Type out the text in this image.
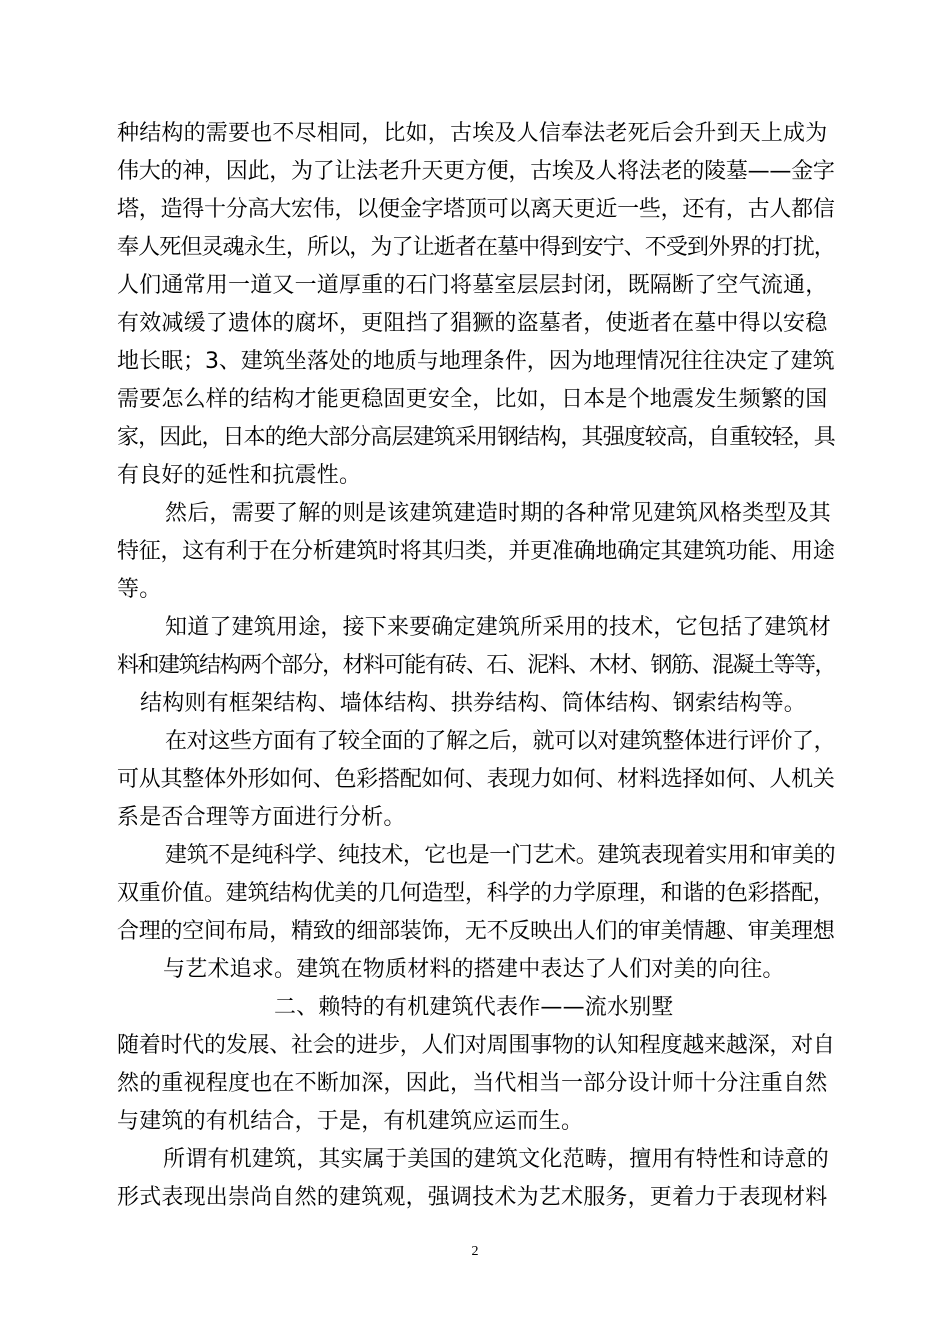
种结构的需要也不尽相同，比如，古埃及人信奉法老死后会升到天上成为
伟大的神，因此，为了让法老升天更方便，古埃及人将法老的陵墓——金字
塔，造得十分高大宏伟，以便金字塔顶可以离天更近一些，还有，古人都信
奉人死但灵魂永生，所以，为了让逝者在墓中得到安宁、不受到外界的打扰，
人们通常用一道又一道厚重的石门将墓室层层封闭，既隔断了空气流通，
有效减缓了遗体的腐坏，更阻挡了猖獗的盗墓者，使逝者在墓中得以安稳
地长眠；3、建筑坐落处的地质与地理条件，因为地理情况往往决定了建筑
需要怎么样的结构才能更稳固更安全，比如，日本是个地震发生频繁的国
家，因此，日本的绝大部分高层建筑采用钢结构，其强度较高，自重较轻，具
有良好的延性和抗震性。
然后，需要了解的则是该建筑建造时期的各种常见建筑风格类型及其
特征，这有利于在分析建筑时将其归类，并更准确地确定其建筑功能、用途
等。
知道了建筑用途，接下来要确定建筑所采用的技术，它包括了建筑材
料和建筑结构两个部分，材料可能有砖、石、泥料、木材、钢筋、混凝土等等，
结构则有框架结构、墙体结构、拱券结构、筒体结构、钢索结构等。
在对这些方面有了较全面的了解之后，就可以对建筑整体进行评价了，
可从其整体外形如何、色彩搭配如何、表现力如何、材料选择如何、人机关
系是否合理等方面进行分析。
建筑不是纯科学、纯技术，它也是一门艺术。建筑表现着实用和审美的
双重价值。建筑结构优美的几何造型，科学的力学原理，和谐的色彩搭配，
合理的空间布局，精致的细部装饰，无不反映出人们的审美情趣、审美理想
与艺术追求。建筑在物质材料的搭建中表达了人们对美的向往。
二、赖特的有机建筑代表作——流水别墅
随着时代的发展、社会的进步，人们对周围事物的认知程度越来越深，对自
然的重视程度也在不断加深，因此，当代相当一部分设计师十分注重自然
与建筑的有机结合，于是，有机建筑应运而生。
所谓有机建筑，其实属于美国的建筑文化范畴，擅用有特性和诗意的
形式表现出崇尚自然的建筑观，强调技术为艺术服务，更着力于表现材料
2
